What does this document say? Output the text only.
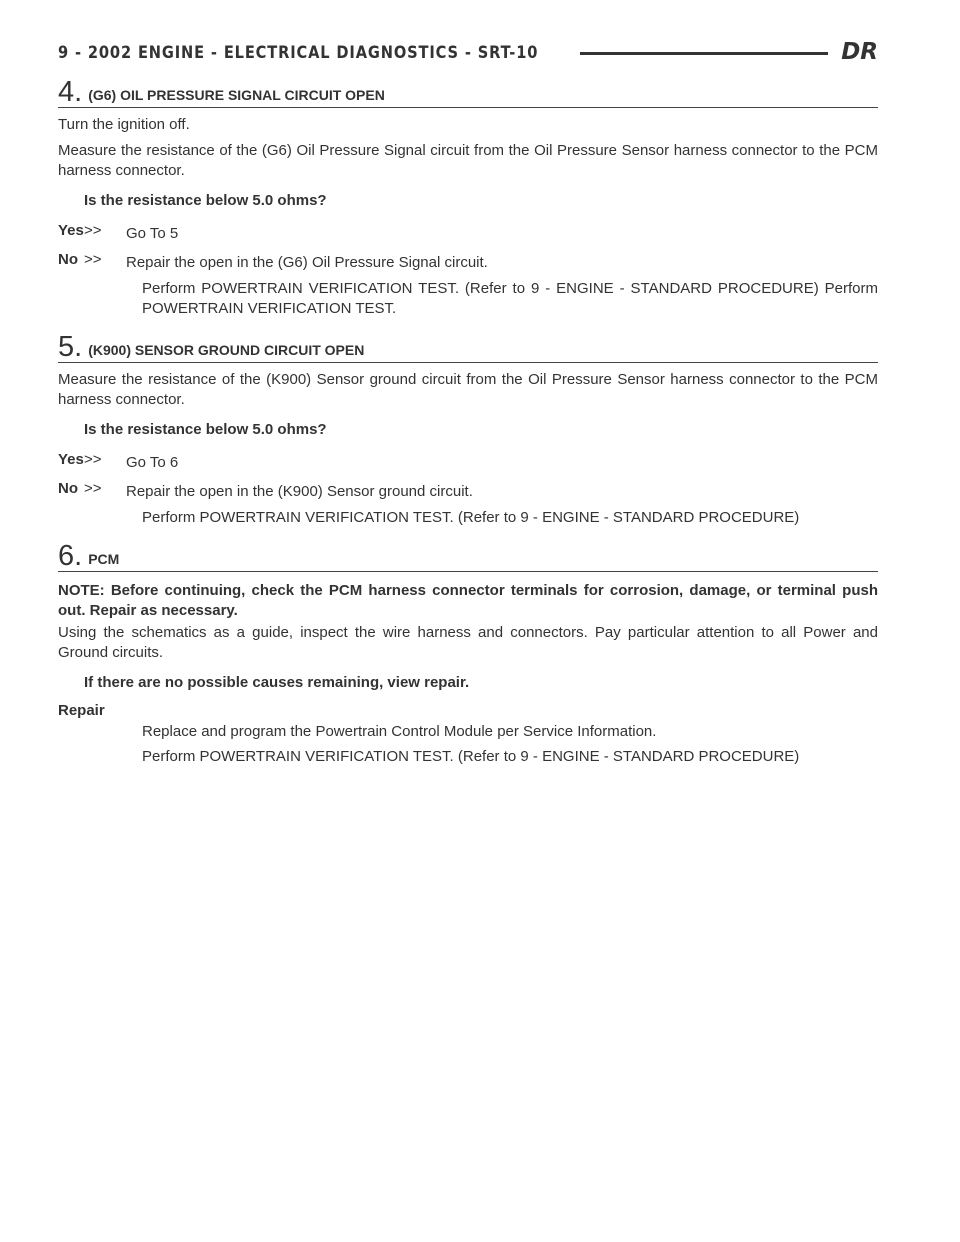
9 - 2002 ENGINE - ELECTRICAL DIAGNOSTICS - SRT-10	DR
4. (G6) OIL PRESSURE SIGNAL CIRCUIT OPEN

Turn the ignition off.

Measure the resistance of the (G6) Oil Pressure Signal circuit from the Oil Pressure Sensor harness connector to the PCM harness connector.

Is the resistance below 5.0 ohms?

Yes >> Go To 5
No >> Repair the open in the (G6) Oil Pressure Signal circuit.

Perform POWERTRAIN VERIFICATION TEST. (Refer to 9 - ENGINE - STANDARD PROCEDURE) Perform POWERTRAIN VERIFICATION TEST.

5. (K900) SENSOR GROUND CIRCUIT OPEN

Measure the resistance of the (K900) Sensor ground circuit from the Oil Pressure Sensor harness connector to the PCM harness connector.

Is the resistance below 5.0 ohms?

Yes >> Go To 6
No >> Repair the open in the (K900) Sensor ground circuit.

Perform POWERTRAIN VERIFICATION TEST. (Refer to 9 - ENGINE - STANDARD PROCEDURE)

6. PCM

NOTE: Before continuing, check the PCM harness connector terminals for corrosion, damage, or terminal push out. Repair as necessary.

Using the schematics as a guide, inspect the wire harness and connectors. Pay particular attention to all Power and Ground circuits.

If there are no possible causes remaining, view repair.

Repair

Replace and program the Powertrain Control Module per Service Information.

Perform POWERTRAIN VERIFICATION TEST. (Refer to 9 - ENGINE - STANDARD PROCEDURE)
